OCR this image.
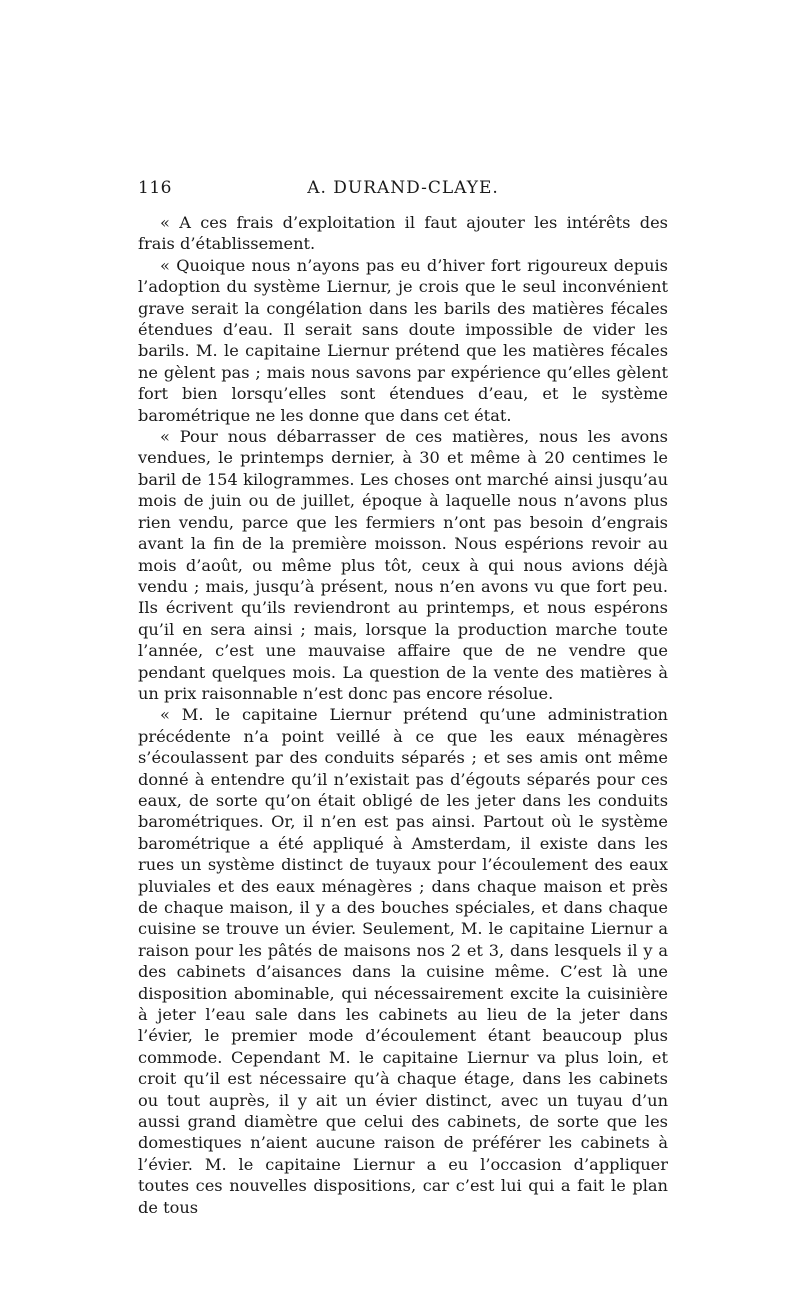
116	A. DURAND-CLAYE.

« A ces frais d’exploitation il faut ajouter les intérêts des frais d’établissement.

« Quoique nous n’ayons pas eu d’hiver fort rigoureux depuis l’adoption du système Liernur, je crois que le seul inconvénient grave serait la congélation dans les barils des matières fécales étendues d’eau. Il serait sans doute impossible de vider les barils. M. le capitaine Liernur prétend que les matières fécales ne gèlent pas ; mais nous savons par expérience qu’elles gèlent fort bien lorsqu’elles sont étendues d’eau, et le système barométrique ne les donne que dans cet état.

« Pour nous débarrasser de ces matières, nous les avons vendues, le printemps dernier, à 30 et même à 20 centimes le baril de 154 kilogrammes. Les choses ont marché ainsi jusqu’au mois de juin ou de juillet, époque à laquelle nous n’avons plus rien vendu, parce que les fermiers n’ont pas besoin d’engrais avant la fin de la première moisson. Nous espérions revoir au mois d’août, ou même plus tôt, ceux à qui nous avions déjà vendu ; mais, jusqu’à présent, nous n’en avons vu que fort peu. Ils écrivent qu’ils reviendront au printemps, et nous espérons qu’il en sera ainsi ; mais, lorsque la production marche toute l’année, c’est une mauvaise affaire que de ne vendre que pendant quelques mois. La question de la vente des matières à un prix raisonnable n’est donc pas encore résolue.

« M. le capitaine Liernur prétend qu’une administration précédente n’a point veillé à ce que les eaux ménagères s’écoulassent par des conduits séparés ; et ses amis ont même donné à entendre qu’il n’existait pas d’égouts séparés pour ces eaux, de sorte qu’on était obligé de les jeter dans les conduits barométriques. Or, il n’en est pas ainsi. Partout où le système barométrique a été appliqué à Amsterdam, il existe dans les rues un système distinct de tuyaux pour l’écoulement des eaux pluviales et des eaux ménagères ; dans chaque maison et près de chaque maison, il y a des bouches spéciales, et dans chaque cuisine se trouve un évier. Seulement, M. le capitaine Liernur a raison pour les pâtés de maisons nos 2 et 3, dans lesquels il y a des cabinets d’aisances dans la cuisine même. C’est là une disposition abominable, qui nécessairement excite la cuisinière à jeter l’eau sale dans les cabinets au lieu de la jeter dans l’évier, le premier mode d’écoulement étant beaucoup plus commode. Cependant M. le capitaine Liernur va plus loin, et croit qu’il est nécessaire qu’à chaque étage, dans les cabinets ou tout auprès, il y ait un évier distinct, avec un tuyau d’un aussi grand diamètre que celui des cabinets, de sorte que les domestiques n’aient aucune raison de préférer les cabinets à l’évier. M. le capitaine Liernur a eu l’occasion d’appliquer toutes ces nouvelles dispositions, car c’est lui qui a fait le plan de tous
